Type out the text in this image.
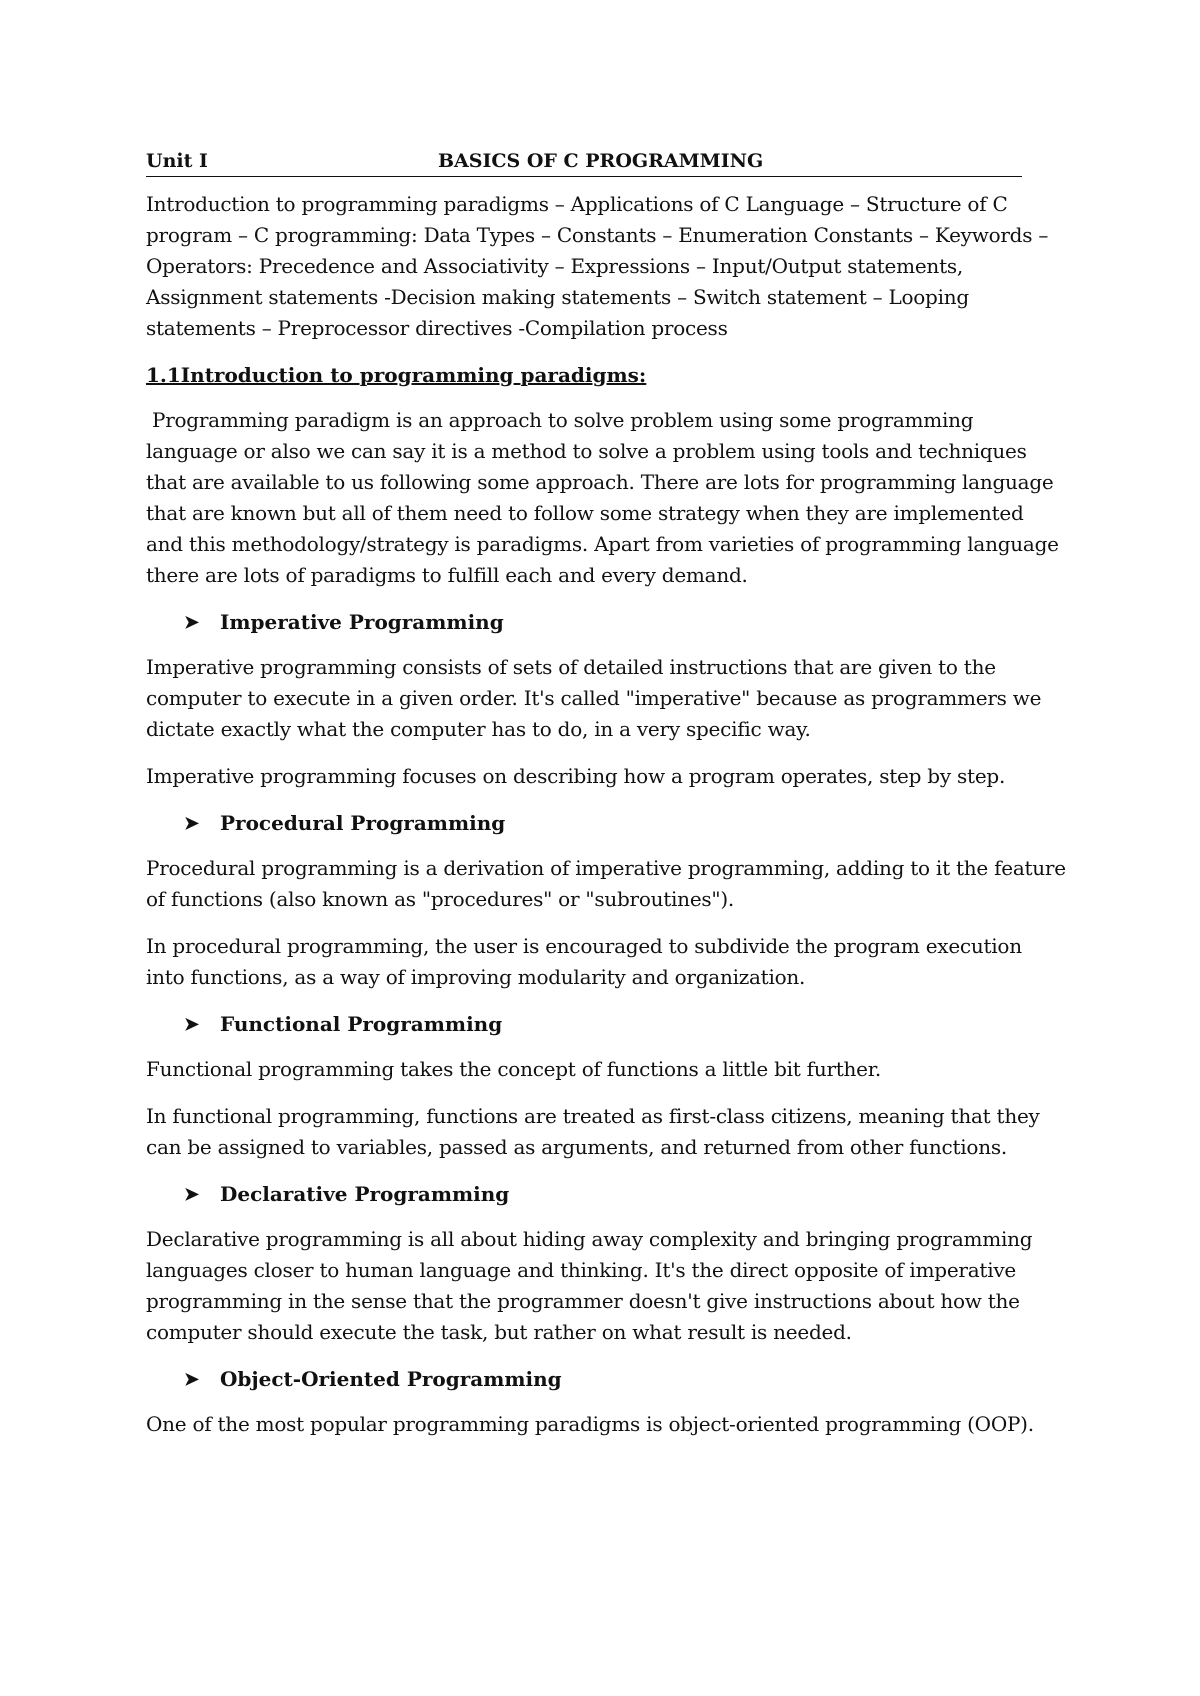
Unit I	BASICS OF C PROGRAMMING

Introduction to programming paradigms – Applications of C Language – Structure of C program – C programming: Data Types – Constants – Enumeration Constants – Keywords – Operators: Precedence and Associativity – Expressions – Input/Output statements, Assignment statements -Decision making statements – Switch statement – Looping statements – Preprocessor directives -Compilation process

1.1Introduction to programming paradigms:

Programming paradigm is an approach to solve problem using some programming language or also we can say it is a method to solve a problem using tools and techniques that are available to us following some approach. There are lots for programming language that are known but all of them need to follow some strategy when they are implemented and this methodology/strategy is paradigms. Apart from varieties of programming language there are lots of paradigms to fulfill each and every demand.

➤ Imperative Programming

Imperative programming consists of sets of detailed instructions that are given to the computer to execute in a given order. It's called "imperative" because as programmers we dictate exactly what the computer has to do, in a very specific way.

Imperative programming focuses on describing how a program operates, step by step.

➤ Procedural Programming

Procedural programming is a derivation of imperative programming, adding to it the feature of functions (also known as "procedures" or "subroutines").

In procedural programming, the user is encouraged to subdivide the program execution into functions, as a way of improving modularity and organization.

➤ Functional Programming

Functional programming takes the concept of functions a little bit further.

In functional programming, functions are treated as first-class citizens, meaning that they can be assigned to variables, passed as arguments, and returned from other functions.

➤ Declarative Programming

Declarative programming is all about hiding away complexity and bringing programming languages closer to human language and thinking. It's the direct opposite of imperative programming in the sense that the programmer doesn't give instructions about how the computer should execute the task, but rather on what result is needed.

➤ Object-Oriented Programming

One of the most popular programming paradigms is object-oriented programming (OOP).
